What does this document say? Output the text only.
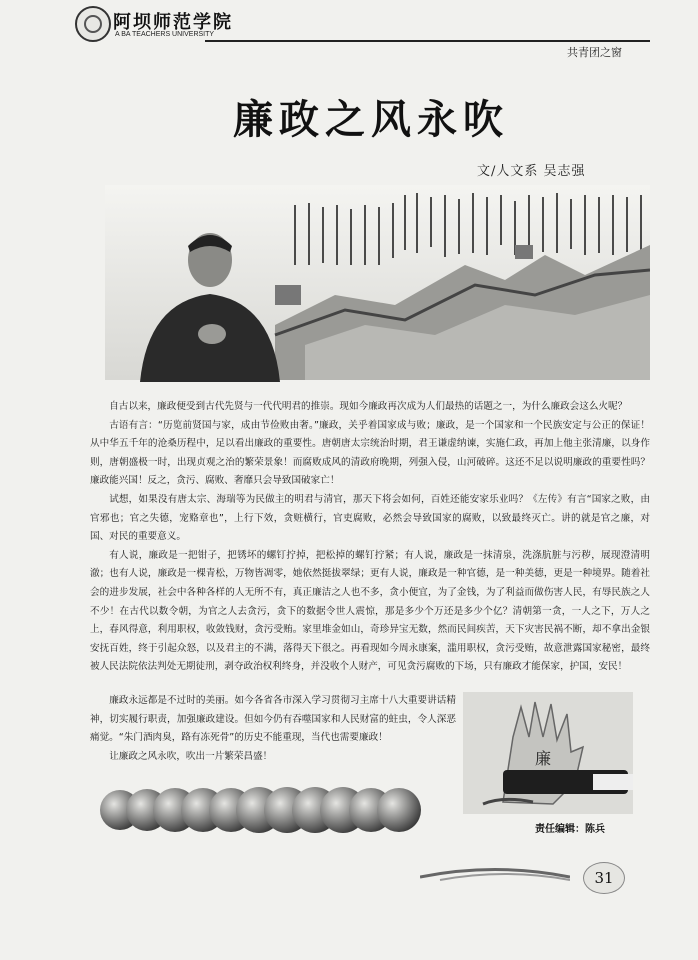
阿坝师范学院
A BA TEACHERS UNIVERSITY
共青团之窗
廉政之风永吹
文/人文系 吴志强

自古以来，廉政便受到古代先贤与一代代明君的推崇。现如今廉政再次成为人们最热的话题之一，为什么廉政会这么火呢？

古语有言：“历览前贤国与家，成由节俭败由奢。”廉政，关乎着国家成与败；廉政，是一个国家和一个民族安定与公正的保证！从中华五千年的沧桑历程中，足以看出廉政的重要性。唐朝唐太宗统治时期，君王谦虚纳谏，实施仁政，再加上他主张清廉，以身作则，唐朝盛极一时，出现贞观之治的繁荣景象！而腐败成风的清政府晚期，列强入侵，山河破碎。这还不足以说明廉政的重要性吗？廉政能兴国！反之，贪污、腐败、奢靡只会导致国破家亡！

试想，如果没有唐太宗、海瑞等为民做主的明君与清官，那天下将会如何，百姓还能安家乐业吗？《左传》有言“国家之败，由官邪也；官之失德，宠赂章也”，上行下效，贪赃横行，官吏腐败，必然会导致国家的腐败，以致最终灭亡。讲的就是官之廉，对国、对民的重要意义。

有人说，廉政是一把钳子，把锈坏的螺钉拧掉，把松掉的螺钉拧紧；有人说，廉政是一抹清泉，洗涤肮脏与污秽，展现澄清明澈；也有人说，廉政是一棵青松，万物皆凋零，她依然挺拔翠绿；更有人说，廉政是一种官德，是一种美德，更是一种境界。随着社会的进步发展，社会中各种各样的人无所不有，真正廉洁之人也不多，贪小便宜，为了金钱，为了利益而做伤害人民，有辱民族之人不少！在古代以数令朝，为官之人去贪污，贪下的数据令世人震惊，那是多少个万还是多少个亿？清朝第一贪，一人之下，万人之上，春风得意，利用职权，收敛钱财，贪污受贿。家里堆金如山，奇珍异宝无数，然而民间疾苦，天下灾害民祸不断，却不拿出金银安抚百姓，终于引起众怒，以及君主的不满，落得天下很之。再看现如今周永康案，滥用职权，贪污受贿，故意泄露国家秘密，最终被人民法院依法判处无期徒刑，剥夺政治权利终身，并没收个人财产，可见贪污腐败的下场，只有廉政才能保家，护国，安民！

廉政永远都是不过时的美丽。如今各省各市深入学习贯彻习主席十八大重要讲话精神，切实履行职责，加强廉政建设。但如今仍有吞噬国家和人民财富的蛀虫，令人深恶痛觉。“朱门酒肉臭，路有冻死骨”的历史不能重现，当代也需要廉政！

让廉政之风永吹，吹出一片繁荣昌盛！	廉
责任编辑：陈兵
31
